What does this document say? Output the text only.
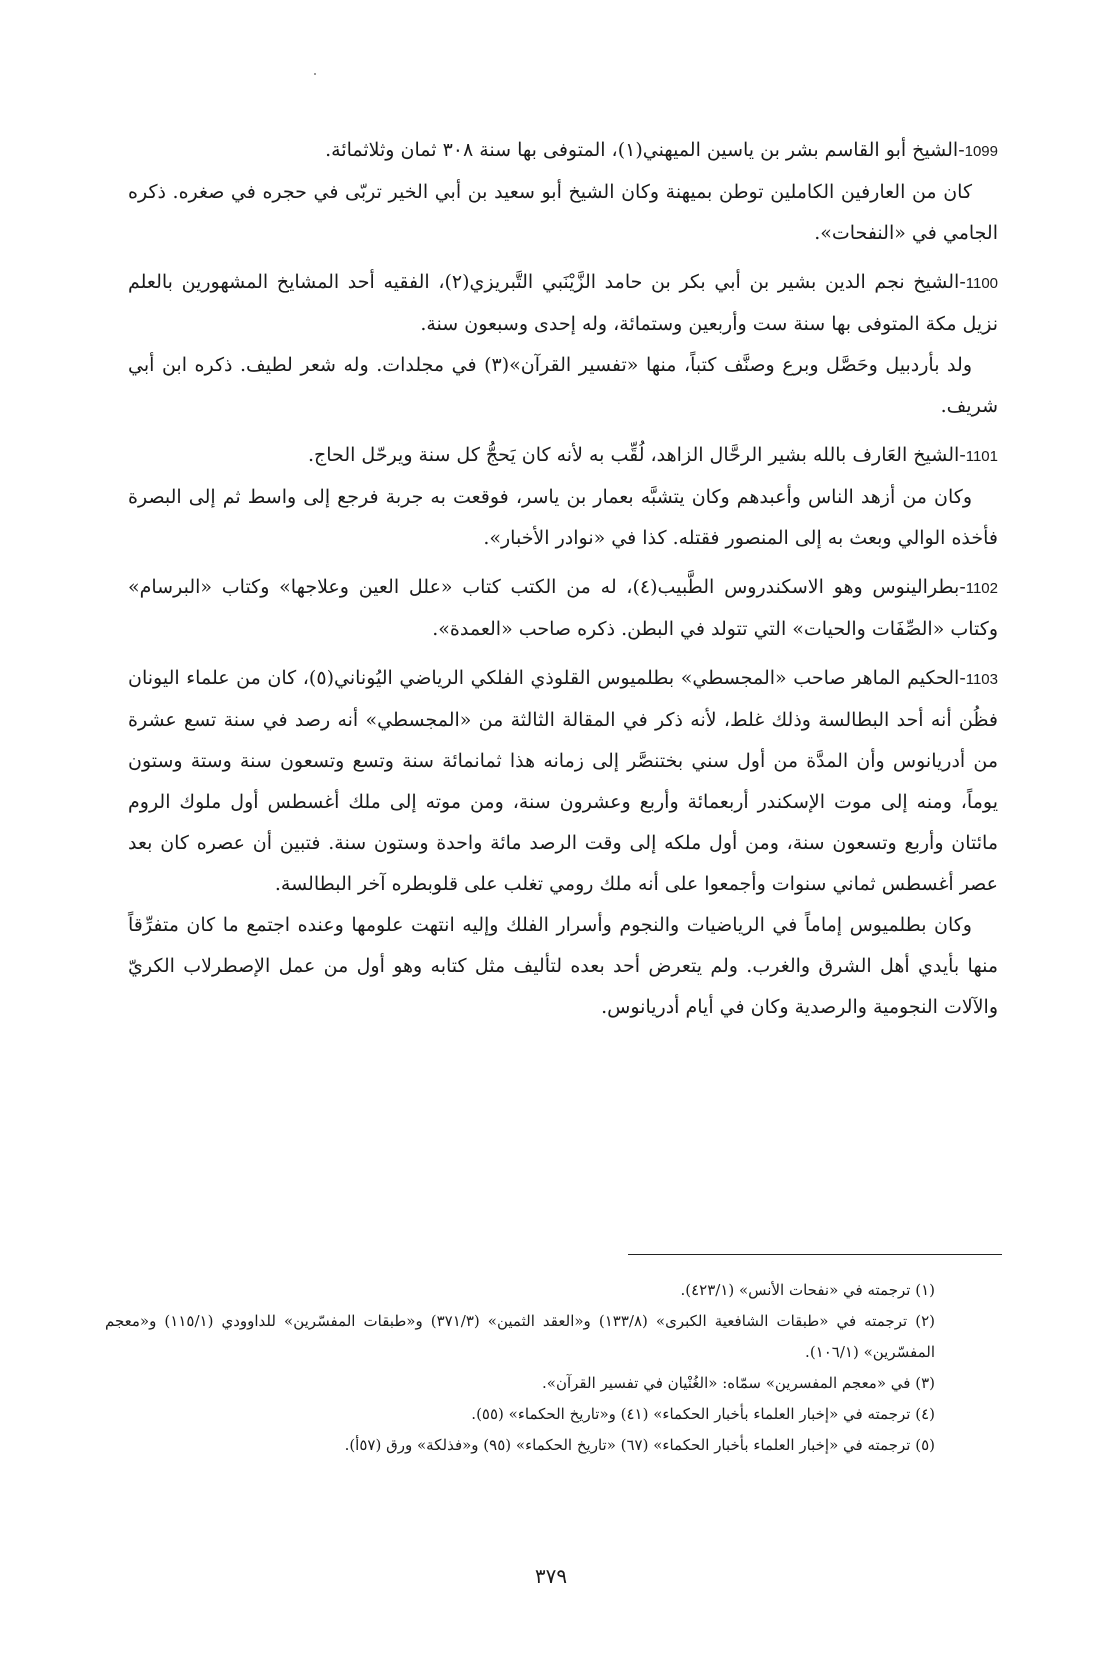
1099-الشيخ أبو القاسم بشر بن ياسين الميهني(١)، المتوفى بها سنة ٣٠٨ ثمان وثلاثمائة.

كان من العارفين الكاملين توطن بميهنة وكان الشيخ أبو سعيد بن أبي الخير تربّى في حجره في صغره. ذكره الجامي في «النفحات».

1100-الشيخ نجم الدين بشير بن أبي بكر بن حامد الزَّيْنَبي التَّبريزي(٢)، الفقيه أحد المشايخ المشهورين بالعلم نزيل مكة المتوفى بها سنة ست وأربعين وستمائة، وله إحدى وسبعون سنة.

ولد بأردبيل وحَصَّل وبرع وصنَّف كتباً، منها «تفسير القرآن»(٣) في مجلدات. وله شعر لطيف. ذكره ابن أبي شريف.

1101-الشيخ العَارف بالله بشير الرحَّال الزاهد، لُقِّب به لأنه كان يَحجُّ كل سنة ويرحّل الحاج.

وكان من أزهد الناس وأعبدهم وكان يتشبَّه بعمار بن ياسر، فوقعت به جربة فرجع إلى واسط ثم إلى البصرة فأخذه الوالي وبعث به إلى المنصور فقتله. كذا في «نوادر الأخبار».

1102-بطرالينوس وهو الاسكندروس الطَّبيب(٤)، له من الكتب كتاب «علل العين وعلاجها» وكتاب «البرسام» وكتاب «الصِّفَات والحيات» التي تتولد في البطن. ذكره صاحب «العمدة».

1103-الحكيم الماهر صاحب «المجسطي» بطلميوس القلوذي الفلكي الرياضي اليُوناني(٥)، كان من علماء اليونان فظُن أنه أحد البطالسة وذلك غلط، لأنه ذكر في المقالة الثالثة من «المجسطي» أنه رصد في سنة تسع عشرة من أدريانوس وأن المدَّة من أول سني بختنصَّر إلى زمانه هذا ثمانمائة سنة وتسع وتسعون سنة وستة وستون يوماً، ومنه إلى موت الإسكندر أربعمائة وأربع وعشرون سنة، ومن موته إلى ملك أغسطس أول ملوك الروم مائتان وأربع وتسعون سنة، ومن أول ملكه إلى وقت الرصد مائة واحدة وستون سنة. فتبين أن عصره كان بعد عصر أغسطس ثماني سنوات وأجمعوا على أنه ملك رومي تغلب على قلوبطره آخر البطالسة.

وكان بطلميوس إماماً في الرياضيات والنجوم وأسرار الفلك وإليه انتهت علومها وعنده اجتمع ما كان متفرِّقاً منها بأيدي أهل الشرق والغرب. ولم يتعرض أحد بعده لتأليف مثل كتابه وهو أول من عمل الإصطرلاب الكريّ والآلات النجومية والرصدية وكان في أيام أدريانوس.

(١) ترجمته في «نفحات الأنس» (٤٢٣/١).

(٢) ترجمته في «طبقات الشافعية الكبرى» (١٣٣/٨) و«العقد الثمين» (٣٧١/٣) و«طبقات المفسّرين» للداوودي (١١٥/١) و«معجم المفسّرين» (١٠٦/١).

(٣) في «معجم المفسرين» سمّاه: «الغُنْيان في تفسير القرآن».

(٤) ترجمته في «إخبار العلماء بأخبار الحكماء» (٤١) و«تاريخ الحكماء» (٥٥).

(٥) ترجمته في «إخبار العلماء بأخبار الحكماء» (٦٧) «تاريخ الحكماء» (٩٥) و«فذلكة» ورق (٥٧أ).

٣٧٩
